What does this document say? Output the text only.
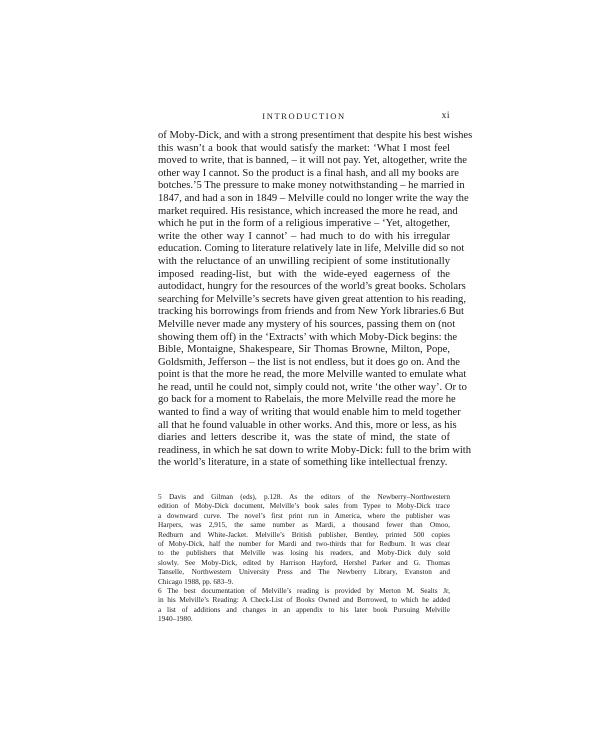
INTRODUCTION	xi
of Moby-Dick, and with a strong presentiment that despite his best wishes
this wasn’t a book that would satisfy the market: ‘What I most feel
moved to write, that is banned, – it will not pay. Yet, altogether, write the
other way I cannot. So the product is a final hash, and all my books are
botches.’5 The pressure to make money notwithstanding – he married in
1847, and had a son in 1849 – Melville could no longer write the way the
market required. His resistance, which increased the more he read, and
which he put in the form of a religious imperative – ‘Yet, altogether,
write the other way I cannot’ – had much to do with his irregular
education. Coming to literature relatively late in life, Melville did so not
with the reluctance of an unwilling recipient of some institutionally
imposed reading-list, but with the wide-eyed eagerness of the
autodidact, hungry for the resources of the world’s great books. Scholars
searching for Melville’s secrets have given great attention to his reading,
tracking his borrowings from friends and from New York libraries.6 But
Melville never made any mystery of his sources, passing them on (not
showing them off) in the ‘Extracts’ with which Moby-Dick begins: the
Bible, Montaigne, Shakespeare, Sir Thomas Browne, Milton, Pope,
Goldsmith, Jefferson – the list is not endless, but it does go on. And the
point is that the more he read, the more Melville wanted to emulate what
he read, until he could not, simply could not, write ‘the other way’. Or to
go back for a moment to Rabelais, the more Melville read the more he
wanted to find a way of writing that would enable him to meld together
all that he found valuable in other works. And this, more or less, as his
diaries and letters describe it, was the state of mind, the state of
readiness, in which he sat down to write Moby-Dick: full to the brim with
the world’s literature, in a state of something like intellectual frenzy.
5 Davis and Gilman (eds), p.128. As the editors of the Newberry–Northwestern
edition of Moby-Dick document, Melville’s book sales from Typee to Moby-Dick trace
a downward curve. The novel’s first print run in America, where the publisher was
Harpers, was 2,915, the same number as Mardi, a thousand fewer than Omoo,
Redburn and White-Jacket. Melville’s British publisher, Bentley, printed 500 copies
of Moby-Dick, half the number for Mardi and two-thirds that for Redburn. It was clear
to the publishers that Melville was losing his readers, and Moby-Dick duly sold
slowly. See Moby-Dick, edited by Harrison Hayford, Hershel Parker and G. Thomas
Tanselle, Northwestern University Press and The Newberry Library, Evanston and
Chicago 1988, pp. 683–9.
6 The best documentation of Melville’s reading is provided by Merton M. Sealts Jr,
in his Melville’s Reading: A Check-List of Books Owned and Borrowed, to which he added
a list of additions and changes in an appendix to his later book Pursuing Melville
1940–1980.
